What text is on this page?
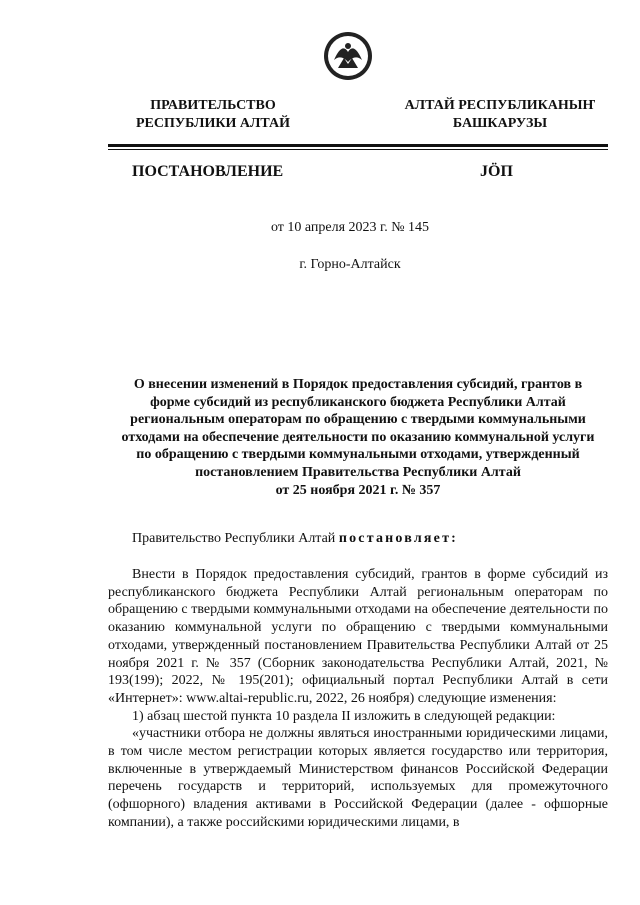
ПРАВИТЕЛЬСТВО
РЕСПУБЛИКИ АЛТАЙ
АЛТАЙ РЕСПУБЛИКАНЫҤ
БАШКАРУЗЫ
ПОСТАНОВЛЕНИЕ	JÖП
от 10 апреля 2023 г. № 145
г. Горно-Алтайск
О внесении изменений в Порядок предоставления субсидий, грантов в
форме субсидий из республиканского бюджета Республики Алтай
региональным операторам по обращению с твердыми коммунальными
отходами на обеспечение деятельности по оказанию коммунальной услуги
по обращению с твердыми коммунальными отходами, утвержденный
постановлением Правительства Республики Алтай
от 25 ноября 2021 г. № 357
Правительство Республики Алтай постановляет:

Внести в Порядок предоставления субсидий, грантов в форме субсидий из республиканского бюджета Республики Алтай региональным операторам по обращению с твердыми коммунальными отходами на обеспечение деятельности по оказанию коммунальной услуги по обращению с твердыми коммунальными отходами, утвержденный постановлением Правительства Республики Алтай от 25 ноября 2021 г. № 357 (Сборник законодательства Республики Алтай, 2021, № 193(199); 2022, № 195(201); официальный портал Республики Алтай в сети «Интернет»: www.altai-republic.ru, 2022, 26 ноября) следующие изменения:

1) абзац шестой пункта 10 раздела II изложить в следующей редакции:

«участники отбора не должны являться иностранными юридическими лицами, в том числе местом регистрации которых является государство или территория, включенные в утверждаемый Министерством финансов Российской Федерации перечень государств и территорий, используемых для промежуточного (офшорного) владения активами в Российской Федерации (далее - офшорные компании), а также российскими юридическими лицами, в
